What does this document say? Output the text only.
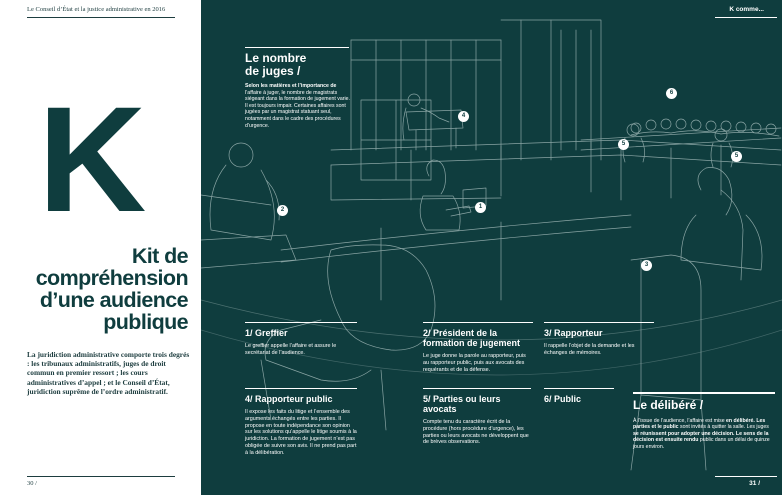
Le Conseil d’État et la justice administrative en 2016
K
Kit de
compréhension
d’une audience
publique
La juridiction administrative comporte trois degrés : les tribunaux administratifs, juges de droit commun en premier ressort ; les cours administratives d’appel ; et le Conseil d’État, juridiction suprême de l’ordre administratif.
30 /
K comme...
Le nombre
de juges /
Selon les matières et l’importance de l’affaire à juger, le nombre de magistrats siégeant dans la formation de jugement varie. Il est toujours impair. Certaines affaires sont jugées par un magistrat statuant seul, notamment dans le cadre des procédures d’urgence.
1
2
3
4
5
5
6
1/ Greffier
Le greffier appelle l’affaire et assure le secrétariat de l’audience.
2/ Président de la formation de jugement
Le juge donne la parole au rapporteur, puis au rapporteur public, puis aux avocats des requérants et de la défense.
3/ Rapporteur
Il rappelle l’objet de la demande et les échanges de mémoires.
4/ Rapporteur public
Il expose les faits du litige et l’ensemble des arguments échangés entre les parties. Il propose en toute indépendance son opinion sur les solutions qu’appelle le litige soumis à la juridiction. La formation de jugement n’est pas obligée de suivre son avis. Il ne prend pas part à la délibération.
5/ Parties ou leurs avocats
Compte tenu du caractère écrit de la procédure (hors procédure d’urgence), les parties ou leurs avocats ne développent que de brèves observations.
6/ Public	Le délibéré /
À l’issue de l’audience, l’affaire est mise en délibéré. Les parties et le public sont invités à quitter la salle. Les juges se réunissent pour adopter une décision. Le sens de la décision est ensuite rendu public dans un délai de quinze jours environ.
31 /
